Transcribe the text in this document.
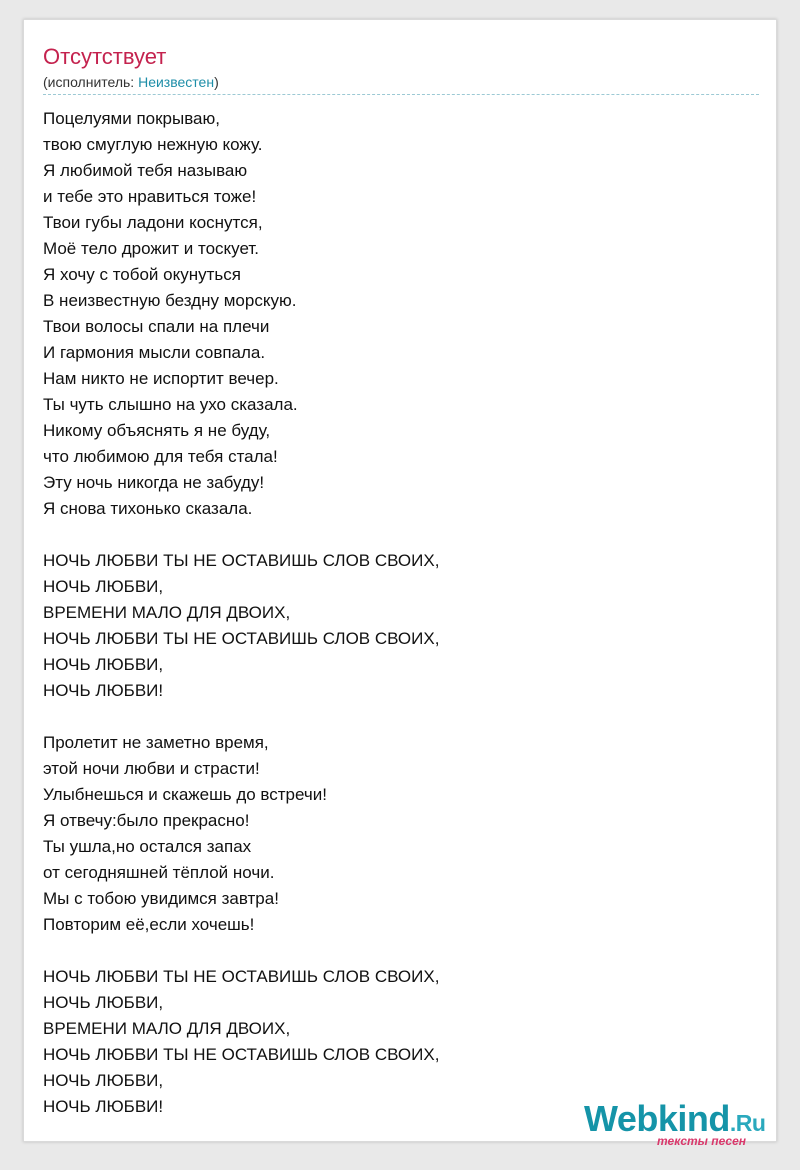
Отсутствует
(исполнитель: Неизвестен)
Поцелуями покрываю,
твою смуглую нежную кожу.
Я любимой тебя называю
и тебе это нравиться тоже!
Твои губы ладони коснутся,
Моё тело дрожит и тоскует.
Я хочу с тобой окунуться
В неизвестную бездну морскую.
Твои волосы спали на плечи
И гармония мысли совпала.
Нам никто не испортит вечер.
Ты чуть слышно на ухо сказала.
Никому объяснять я не буду,
что любимою для тебя стала!
Эту ночь никогда не забуду!
Я снова тихонько сказала.
НОЧЬ ЛЮБВИ ТЫ НЕ ОСТАВИШЬ СЛОВ СВОИХ,
НОЧЬ ЛЮБВИ,
ВРЕМЕНИ МАЛО ДЛЯ ДВОИХ,
НОЧЬ ЛЮБВИ ТЫ НЕ ОСТАВИШЬ СЛОВ СВОИХ,
НОЧЬ ЛЮБВИ,
НОЧЬ ЛЮБВИ!
Пролетит не заметно время,
этой ночи любви и страсти!
Улыбнешься и скажешь до встречи!
Я отвечу:было прекрасно!
Ты ушла,но остался запах
от сегодняшней тёплой ночи.
Мы с тобою увидимся завтра!
Повторим её,если хочешь!
НОЧЬ ЛЮБВИ ТЫ НЕ ОСТАВИШЬ СЛОВ СВОИХ,
НОЧЬ ЛЮБВИ,
ВРЕМЕНИ МАЛО ДЛЯ ДВОИХ,
НОЧЬ ЛЮБВИ ТЫ НЕ ОСТАВИШЬ СЛОВ СВОИХ,
НОЧЬ ЛЮБВИ,
НОЧЬ ЛЮБВИ!	Webkind.Ru
тексты песен
